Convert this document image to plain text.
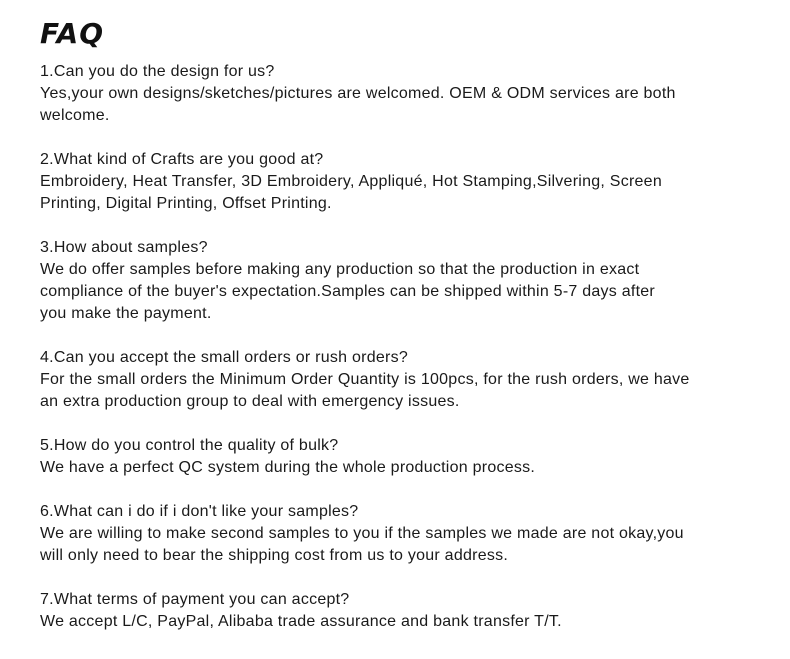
FAQ

1.Can you do the design for us?
Yes,your own designs/sketches/pictures are welcomed. OEM & ODM services are both
welcome.

2.What kind of Crafts are you good at?
Embroidery, Heat Transfer, 3D Embroidery, Appliqué, Hot Stamping,Silvering, Screen
Printing, Digital Printing, Offset Printing.

3.How about samples?
We do offer samples before making any production so that the production in exact
compliance of the buyer's expectation.Samples can be shipped within 5-7 days after
you make the payment.

4.Can you accept the small orders or rush orders?
For the small orders the Minimum Order Quantity is 100pcs, for the rush orders, we have
an extra production group to deal with emergency issues.

5.How do you control the quality of bulk?
We have a perfect QC system during the whole production process.

6.What can i do if i don't like your samples?
We are willing to make second samples to you if the samples we made are not okay,you
will only need to bear the shipping cost from us to your address.

7.What terms of payment you can accept?
We accept L/C, PayPal, Alibaba trade assurance and bank transfer T/T.
